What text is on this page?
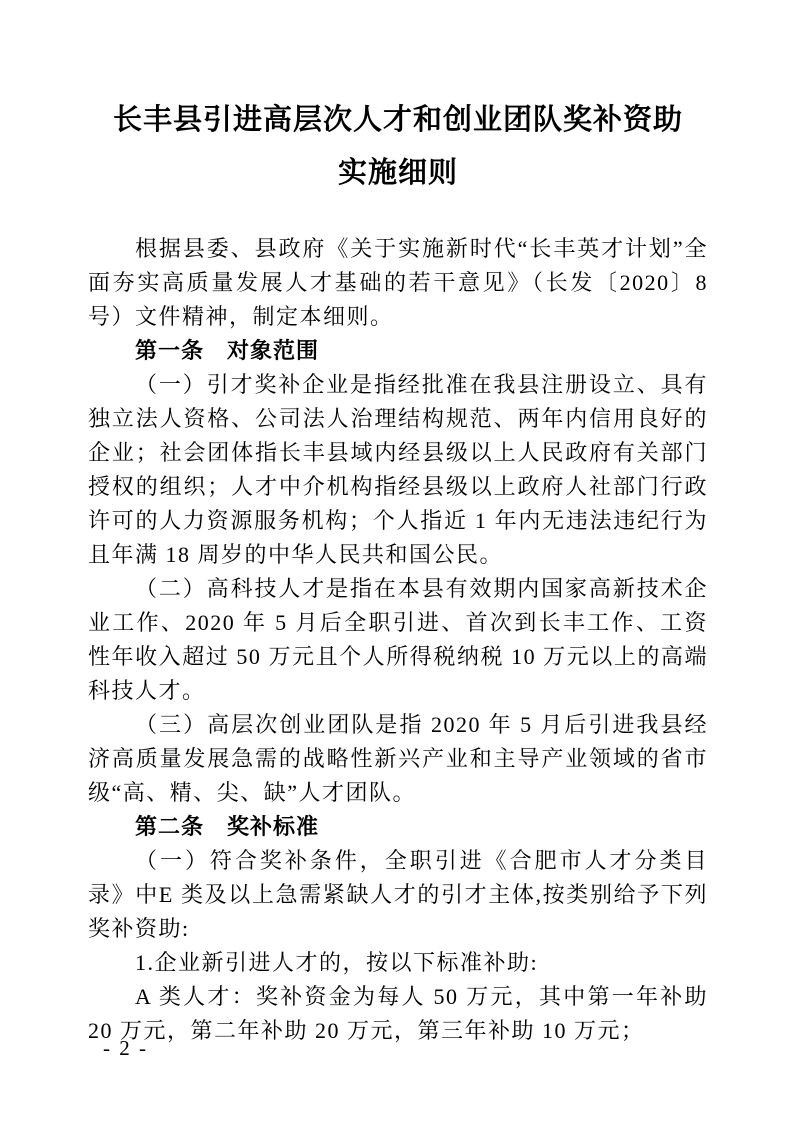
长丰县引进高层次人才和创业团队奖补资助
实施细则

根据县委、县政府《关于实施新时代“长丰英才计划”全面夯实高质量发展人才基础的若干意见》（长发〔2020〕8 号）文件精神，制定本细则。

第一条　对象范围

（一）引才奖补企业是指经批准在我县注册设立、具有独立法人资格、公司法人治理结构规范、两年内信用良好的企业；社会团体指长丰县域内经县级以上人民政府有关部门授权的组织；人才中介机构指经县级以上政府人社部门行政许可的人力资源服务机构；个人指近 1 年内无违法违纪行为且年满 18 周岁的中华人民共和国公民。

（二）高科技人才是指在本县有效期内国家高新技术企业工作、2020 年 5 月后全职引进、首次到长丰工作、工资性年收入超过 50 万元且个人所得税纳税 10 万元以上的高端科技人才。

（三）高层次创业团队是指 2020 年 5 月后引进我县经济高质量发展急需的战略性新兴产业和主导产业领域的省市级“高、精、尖、缺”人才团队。

第二条　奖补标准

（一）符合奖补条件，全职引进《合肥市人才分类目录》中E 类及以上急需紧缺人才的引才主体,按类别给予下列奖补资助:

1.企业新引进人才的，按以下标准补助:

A 类人才：奖补资金为每人 50 万元，其中第一年补助 20 万元，第二年补助 20 万元，第三年补助 10 万元；

- 2 -
